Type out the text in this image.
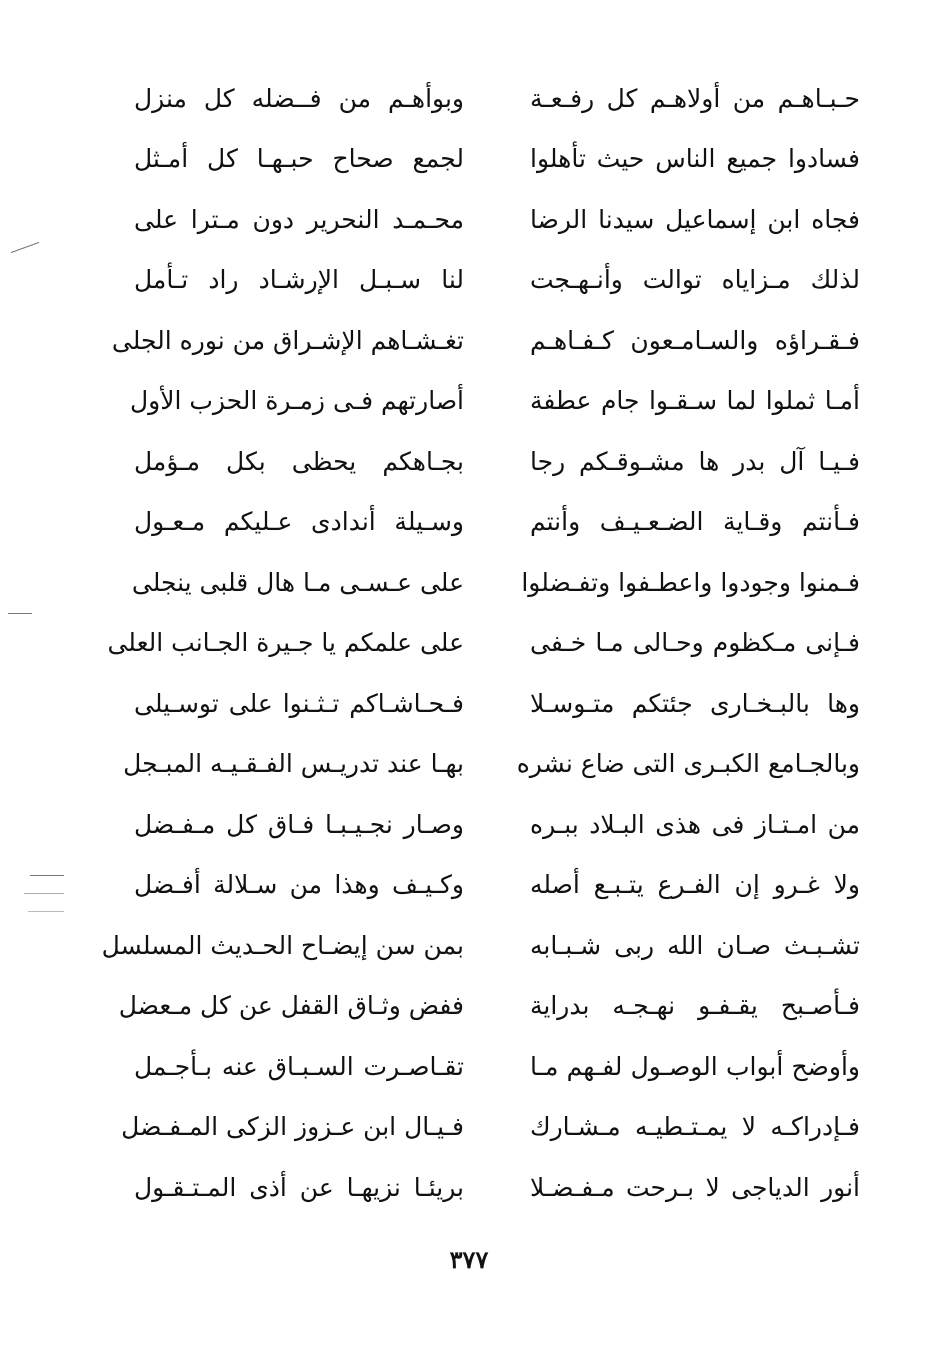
حـبـاهـم من أولاهـم كل رفـعـة
وبوأهـم من فــضله كل منزل
فسادوا جميع الناس حيث تأهلوا
لجمع صحاح حبـهـا كل أمـثل
فجاه ابن إسماعيل سيدنا الرضا
محـمـد النحرير دون مـترا على
لذلك مـزاياه توالت وأنـهـجت
لنا سـبـل الإرشـاد راد تـأمل
فـقـراؤه والسـامـعون كـفـاهـم
تغـشـاهم الإشـراق من نوره الجلى
أمـا ثملوا لما سـقـوا جام عطفة
أصارتهم فـى زمـرة الحزب الأول
فـيـا آل بدر ها مشـوقـكم رجا
بجـاهكم يحظى بكل مـؤمل
فـأنتم وقـاية الضـعـيـف وأنتم
وسـيلة أندادى عـليكم مـعـول
فـمنوا وجودوا واعطـفوا وتفـضلوا
على عـسـى مـا هال قلبى ينجلى
فـإنى مـكظوم وحـالى مـا خـفى
على علمكم يا جـيرة الجـانب العلى
وها بالبـخـارى جئتكم متـوسـلا
فـحـاشـاكم تـثـنوا على توسـيلى
وبالجـامع الكبـرى التى ضاع نشره
بهـا عند تدريـس الفـقـيـه المبـجل
من امـتـاز فى هذى البـلاد ببـره
وصـار نجـيـبـا فـاق كل مـفـضل
ولا غـرو إن الفـرع يتـبـع أصله
وكـيـف وهذا من سـلالة أفـضل
تشـبـث صـان الله ربى شـبـابه
بمن سن إيضـاح الحـديث المسلسل
فـأصـبح يقـفـو نهـجـه بدراية
ففض وثـاق القفل عن كل مـعضل
وأوضح أبواب الوصـول لفـهم مـا
تقـاصـرت السـبـاق عنه بـأجـمل
فـإدراكـه لا يمـتـطيـه مـشـارك
فـيـال ابن عـزوز الزكى المـفـضل
أنور الدياجى لا بـرحت مـفـضـلا
بريئـا نزيهـا عن أذى المـتـقـول
٣٧٧
